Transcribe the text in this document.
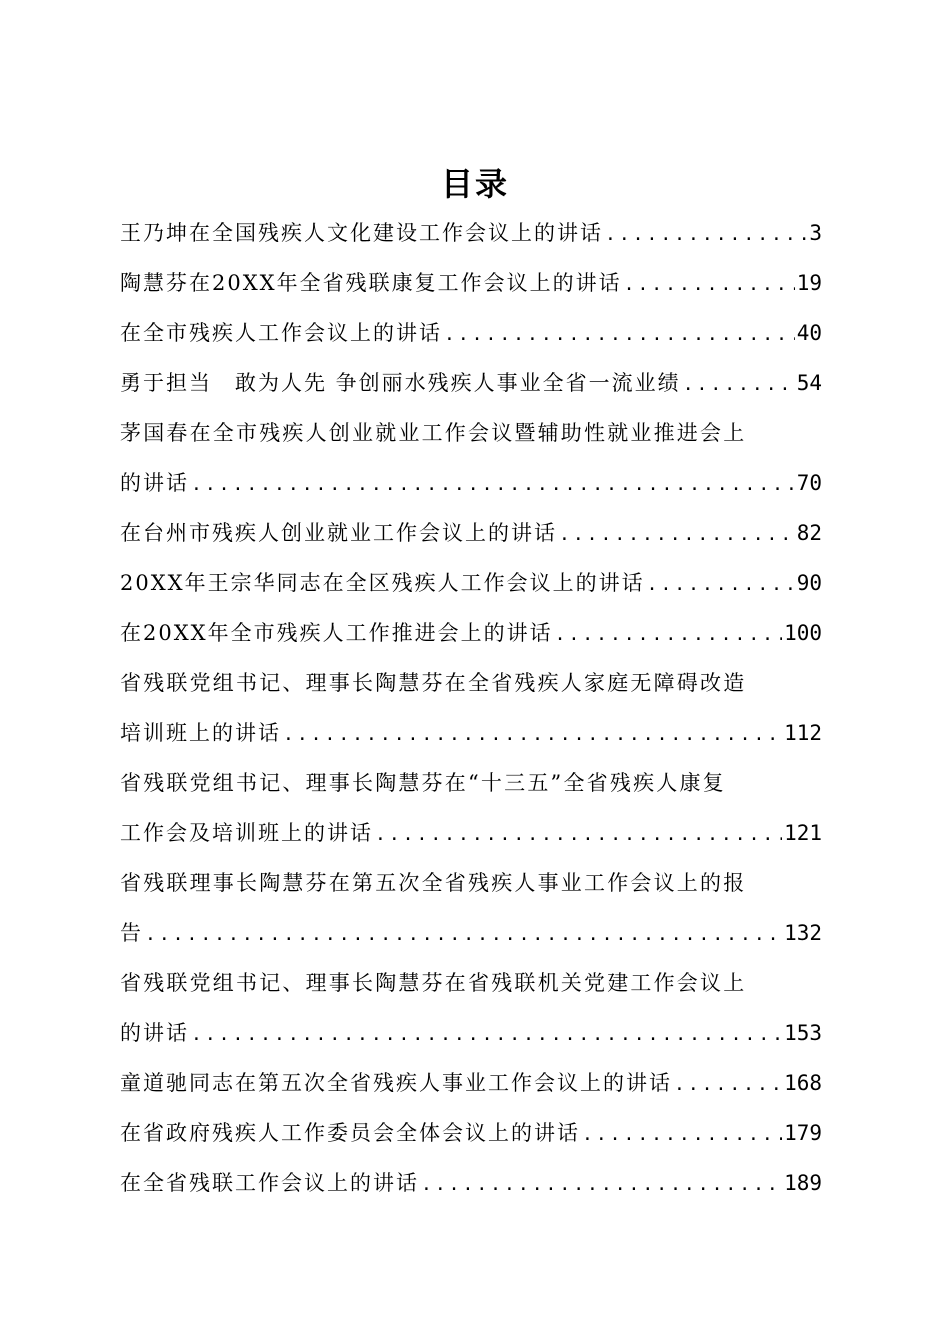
目录
王乃坤在全国残疾人文化建设工作会议上的讲话 .....	3
陶慧芬在20XX年全省残联康复工作会议上的讲话 .....	19
在全市残疾人工作会议上的讲话 .....	40
勇于担当　敢为人先 争创丽水残疾人事业全省一流业绩 .....	54
茅国春在全市残疾人创业就业工作会议暨辅助性就业推进会上
的讲话 .....	70
在台州市残疾人创业就业工作会议上的讲话 .....	82
20XX年王宗华同志在全区残疾人工作会议上的讲话 .....	90
在20XX年全市残疾人工作推进会上的讲话 .....	100
省残联党组书记、理事长陶慧芬在全省残疾人家庭无障碍改造
培训班上的讲话 .....	112
省残联党组书记、理事长陶慧芬在“十三五”全省残疾人康复
工作会及培训班上的讲话 .....	121
省残联理事长陶慧芬在第五次全省残疾人事业工作会议上的报
告 .....	132
省残联党组书记、理事长陶慧芬在省残联机关党建工作会议上
的讲话 .....	153
童道驰同志在第五次全省残疾人事业工作会议上的讲话 .....	168
在省政府残疾人工作委员会全体会议上的讲话 .....	179
在全省残联工作会议上的讲话 .....	189
